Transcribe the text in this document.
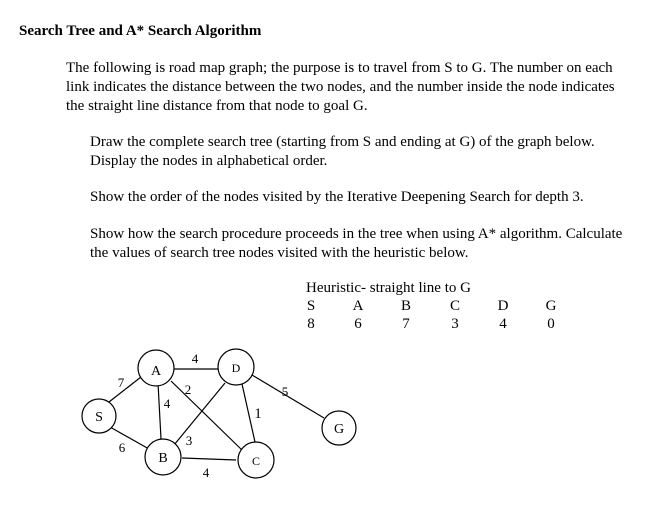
Search Tree and A* Search Algorithm
The following is road map graph; the purpose is to travel from S to G. The number on each link indicates the distance between the two nodes, and the number inside the node indicates the straight line distance from that node to goal G.
Draw the complete search tree (starting from S and ending at G) of the graph below. Display the nodes in alphabetical order.
Show the order of the nodes visited by the Iterative Deepening Search for depth 3.
Show how the search procedure proceeds in the tree when using A* algorithm. Calculate the values of search tree nodes visited with the heuristic below.
Heuristic- straight line to G
S	A	B	C	D	G
8	6	7	3	4	0
S
A
B	C
D
G
7
6
4
4
2
3
4
1
5
